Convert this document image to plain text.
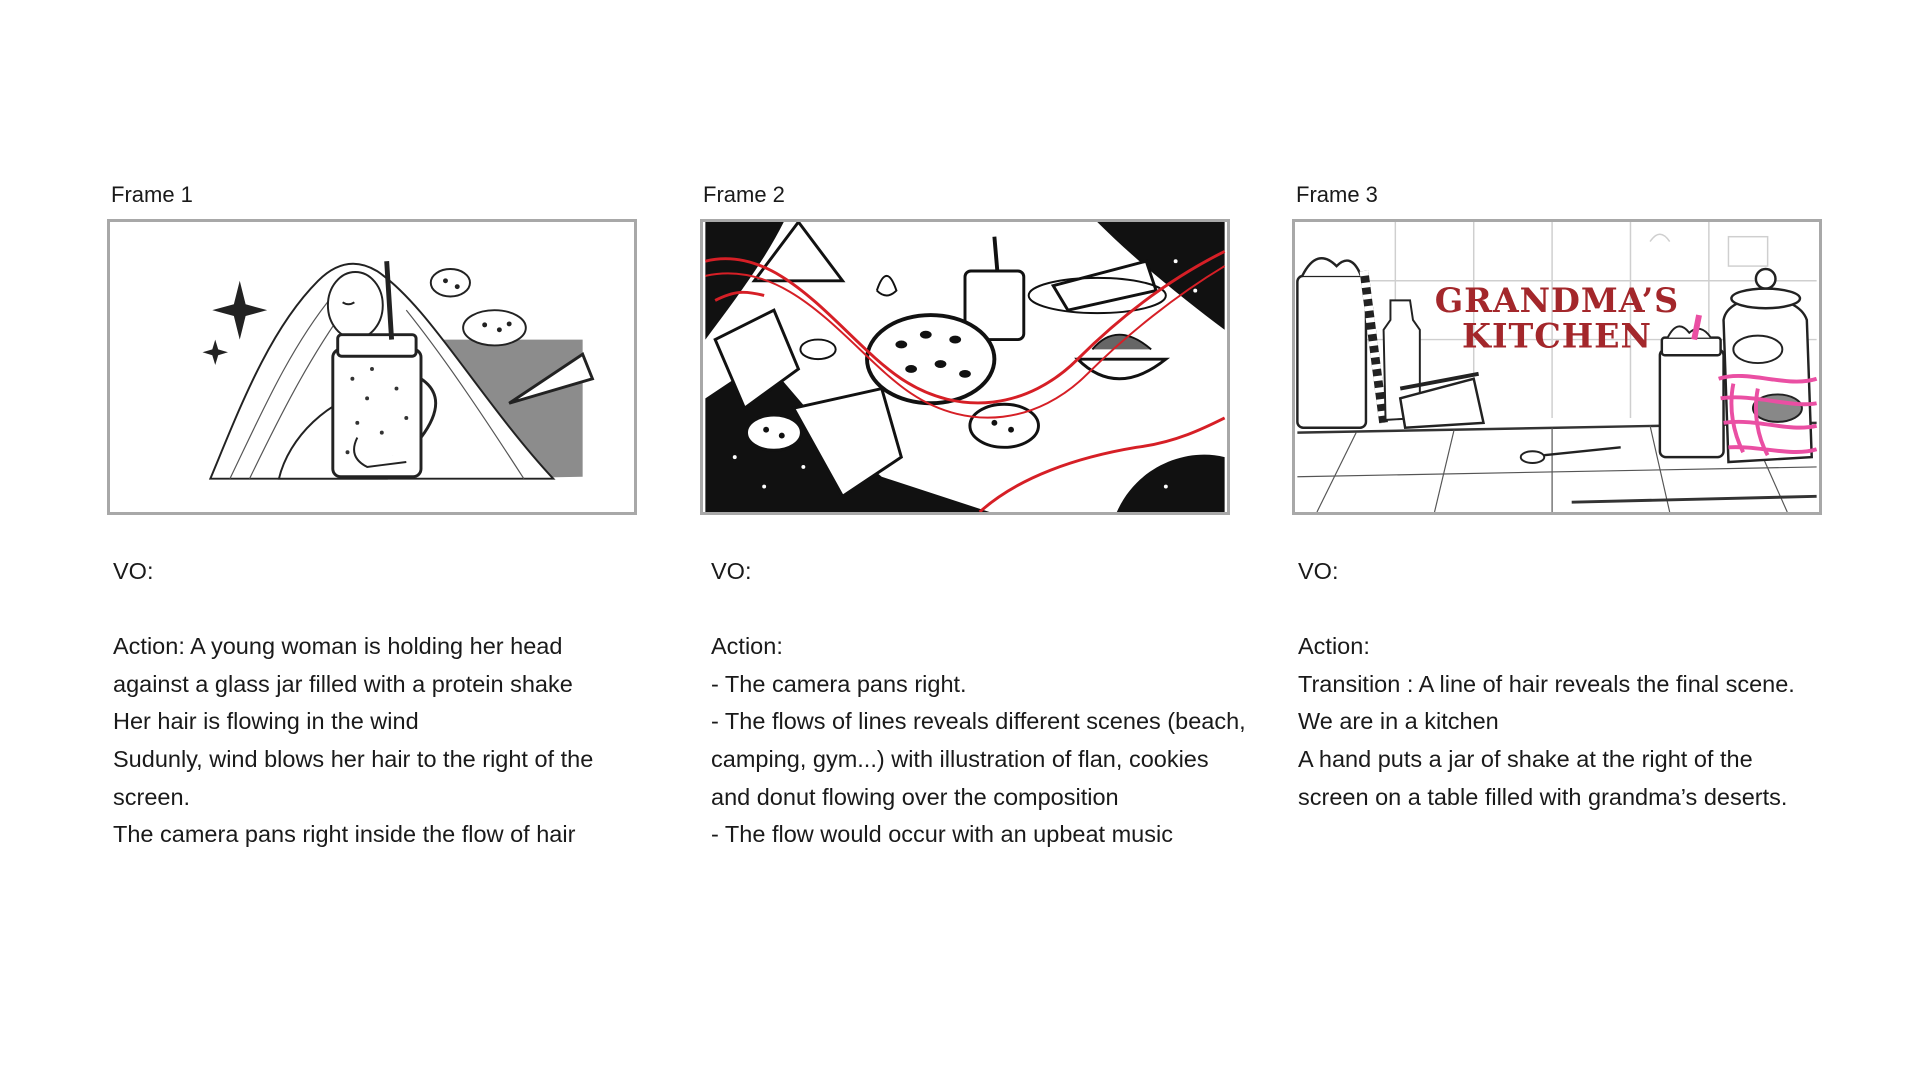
Frame 1

VO:

Action: A young woman is holding her head

against a glass jar filled with a protein shake

Her hair is flowing in the wind

Sudunly, wind blows her hair to the right of the

screen.

The camera pans right inside the flow of hair

Frame 2

VO:

Action:

- The camera pans right.

- The flows of lines reveals different scenes (beach,

camping, gym...) with illustration of flan, cookies

and donut flowing over the composition

- The flow would occur with an upbeat music

Frame 3
GRANDMA’S
KITCHEN

VO:

Action:

Transition : A line of hair reveals the final scene.

We are in a kitchen

A hand puts a jar of shake at the right of the

screen on a table filled with grandma’s deserts.
